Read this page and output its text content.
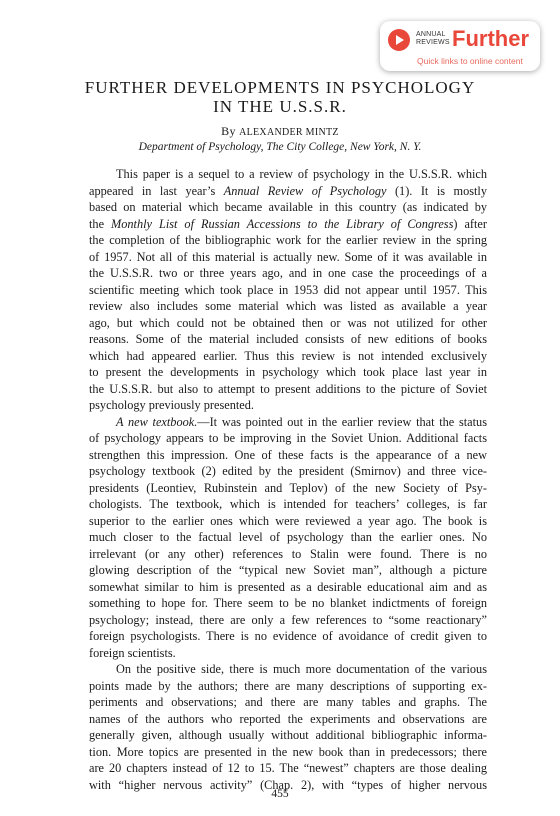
ANNUAL
REVIEWS Further
Quick links to online content
FURTHER DEVELOPMENTS IN PSYCHOLOGY
IN THE U.S.S.R.

By ALEXANDER MINTZ

Department of Psychology, The City College, New York, N. Y.

This paper is a sequel to a review of psychology in the U.S.S.R. which
appeared in last year’s Annual Review of Psychology (1). It is mostly
based on material which became available in this country (as indicated by
the Monthly List of Russian Accessions to the Library of Congress) after
the completion of the bibliographic work for the earlier review in the spring
of 1957. Not all of this material is actually new. Some of it was available in
the U.S.S.R. two or three years ago, and in one case the proceedings of a
scientific meeting which took place in 1953 did not appear until 1957. This
review also includes some material which was listed as available a year
ago, but which could not be obtained then or was not utilized for other
reasons. Some of the material included consists of new editions of books
which had appeared earlier. Thus this review is not intended exclusively
to present the developments in psychology which took place last year in
the U.S.S.R. but also to attempt to present additions to the picture of Soviet
psychology previously presented.
A new textbook.—It was pointed out in the earlier review that the status
of psychology appears to be improving in the Soviet Union. Additional facts
strengthen this impression. One of these facts is the appearance of a new
psychology textbook (2) edited by the president (Smirnov) and three vice-
presidents (Leontiev, Rubinstein and Teplov) of the new Society of Psy-
chologists. The textbook, which is intended for teachers’ colleges, is far
superior to the earlier ones which were reviewed a year ago. The book is
much closer to the factual level of psychology than the earlier ones. No
irrelevant (or any other) references to Stalin were found. There is no
glowing description of the “typical new Soviet man”, although a picture
somewhat similar to him is presented as a desirable educational aim and as
something to hope for. There seem to be no blanket indictments of foreign
psychology; instead, there are only a few references to “some reactionary”
foreign psychologists. There is no evidence of avoidance of credit given to
foreign scientists.
On the positive side, there is much more documentation of the various
points made by the authors; there are many descriptions of supporting ex-
periments and observations; and there are many tables and graphs. The
names of the authors who reported the experiments and observations are
generally given, although usually without additional bibliographic informa-
tion. More topics are presented in the new book than in predecessors; there
are 20 chapters instead of 12 to 15. The “newest” chapters are those dealing
with “higher nervous activity” (Chap. 2), with “types of higher nervous
455
